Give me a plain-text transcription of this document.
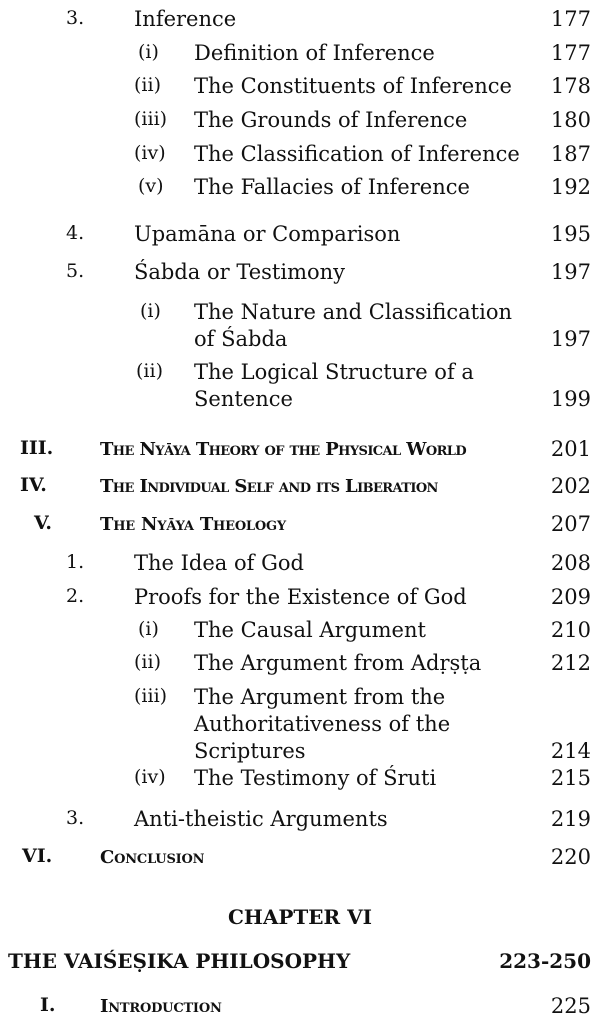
3. Inference	177
(i) Definition of Inference	177
(ii) The Constituents of Inference 178
(iii) The Grounds of Inference	180
(iv) The Classification of Inference 187
(v) The Fallacies of Inference	192
4. Upamāna or Comparison	195
5. Śabda or Testimony	197
(i) The Nature and Classification
of Śabda	197
(ii) The Logical Structure of a
Sentence	199
III.	The Nyāya Theory of the Physical World	201
IV.	The Individual Self and its Liberation	202
V.	The Nyāya Theology	207
1. The Idea of God	208
2. Proofs for the Existence of God	209
(i) The Causal Argument	210
(ii) The Argument from Adṛṣṭa	212
(iii) The Argument from the
Authoritativeness of the
Scriptures	214
(iv) The Testimony of Śruti	215
3. Anti-theistic Arguments	219
VI.	Conclusion	220
CHAPTER VI
THE VAIŚEṢIKA PHILOSOPHY	223-250
I. Introduction	225
